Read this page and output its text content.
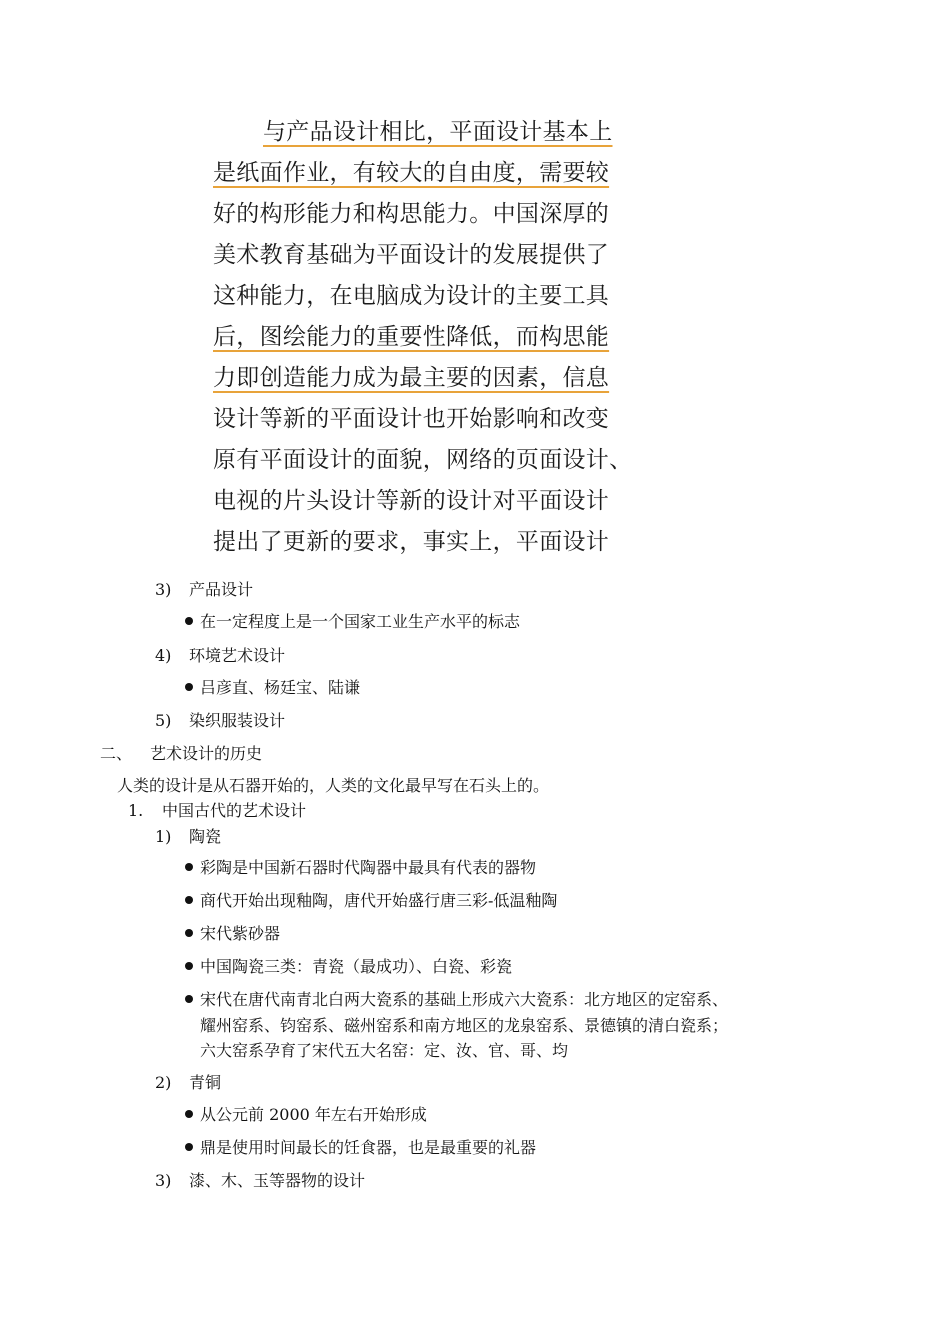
与产品设计相比，平面设计基本上
是纸面作业，有较大的自由度，需要较
好的构形能力和构思能力。中国深厚的
美术教育基础为平面设计的发展提供了
这种能力，在电脑成为设计的主要工具
后，图绘能力的重要性降低，而构思能
力即创造能力成为最主要的因素，信息
设计等新的平面设计也开始影响和改变
原有平面设计的面貌，网络的页面设计、
电视的片头设计等新的设计对平面设计
提出了更新的要求，事实上，平面设计
3) 产品设计
在一定程度上是一个国家工业生产水平的标志
4) 环境艺术设计
吕彦直、杨廷宝、陆谦
5) 染织服装设计
二、 艺术设计的历史
人类的设计是从石器开始的，人类的文化最早写在石头上的。
1. 中国古代的艺术设计
1) 陶瓷
彩陶是中国新石器时代陶器中最具有代表的器物
商代开始出现釉陶，唐代开始盛行唐三彩-低温釉陶
宋代紫砂器
中国陶瓷三类：青瓷（最成功）、白瓷、彩瓷
宋代在唐代南青北白两大瓷系的基础上形成六大瓷系：北方地区的定窑系、
耀州窑系、钧窑系、磁州窑系和南方地区的龙泉窑系、景德镇的清白瓷系；
六大窑系孕育了宋代五大名窑：定、汝、官、哥、均
2) 青铜
从公元前 2000 年左右开始形成
鼎是使用时间最长的饪食器，也是最重要的礼器
3) 漆、木、玉等器物的设计
